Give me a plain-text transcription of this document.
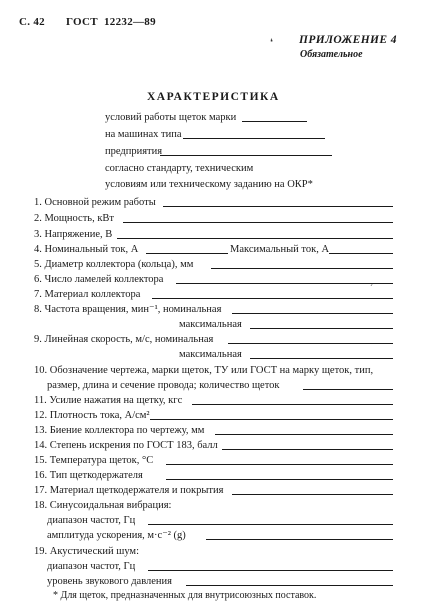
С. 42 ГОСТ 12232—89
❛ ПРИЛОЖЕНИЕ 4
Обязательное
ХАРАКТЕРИСТИКА
условий работы щеток марки
на машинах типа
предприятия
согласно стандарту, техническим
условиям или техническому заданию на ОКР*
1. Основной режим работы
2. Мощность, кВт
3. Напряжение, В
4. Номинальный ток, А	Максимальный ток, А
5. Диаметр коллектора (кольца), мм
6. Число ламелей коллектора
7. Материал коллектора
ˊ
8. Частота вращения, мин⁻¹, номинальная
максимальная
9. Линейная скорость, м/с, номинальная
максимальная
10. Обозначение чертежа, марки щеток, ТУ или ГОСТ на марку щеток, тип,
размер, длина и сечение провода; количество щеток
11. Усилие нажатия на щетку, кгс
12. Плотность тока, А/см²
13. Биение коллектора по чертежу, мм
14. Степень искрения по ГОСТ 183, балл
15. Температура щеток, °С
16. Тип щеткодержателя
17. Материал щеткодержателя и покрытия
18. Синусоидальная вибрация:
диапазон частот, Гц
амплитуда ускорения, м·с⁻² (g)
19. Акустический шум:
диапазон частот, Гц
уровень звукового давления
* Для щеток, предназначенных для внутрисоюзных поставок.
